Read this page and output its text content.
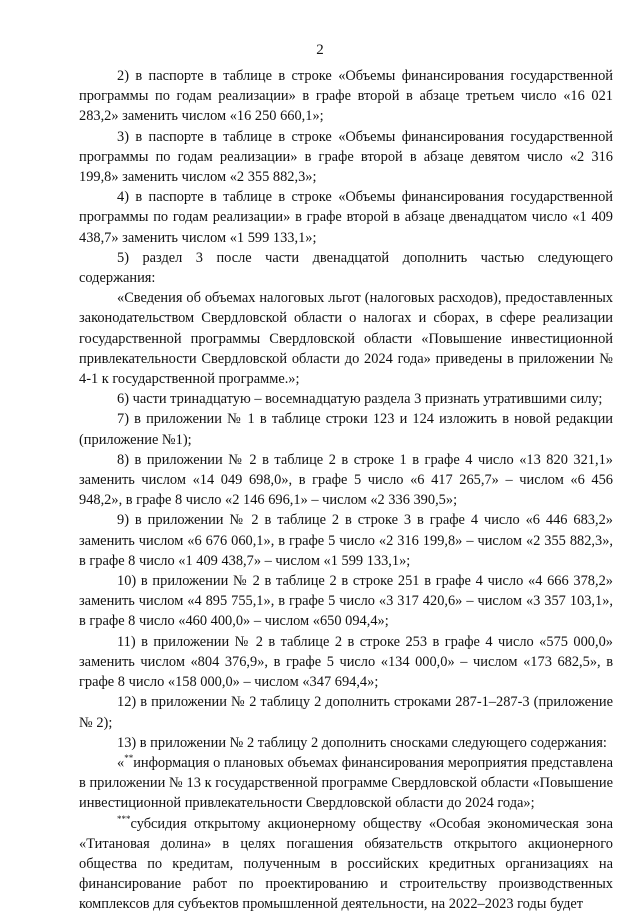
2

2) в паспорте в таблице в строке «Объемы финансирования государственной программы по годам реализации» в графе второй в абзаце третьем число «16 021 283,2» заменить числом «16 250 660,1»;

3) в паспорте в таблице в строке «Объемы финансирования государственной программы по годам реализации» в графе второй в абзаце девятом число «2 316 199,8» заменить числом «2 355 882,3»;

4) в паспорте в таблице в строке «Объемы финансирования государственной программы по годам реализации» в графе второй в абзаце двенадцатом число «1 409 438,7» заменить числом «1 599 133,1»;

5) раздел 3 после части двенадцатой дополнить частью следующего содержания:

«Сведения об объемах налоговых льгот (налоговых расходов), предоставленных законодательством Свердловской области о налогах и сборах, в сфере реализации государственной программы Свердловской области «Повышение инвестиционной привлекательности Свердловской области до 2024 года» приведены в приложении № 4-1 к государственной программе.»;

6) части тринадцатую – восемнадцатую раздела 3 признать утратившими силу;

7) в приложении № 1 в таблице строки 123 и 124 изложить в новой редакции (приложение №1);

8) в приложении № 2 в таблице 2 в строке 1 в графе 4 число «13 820 321,1» заменить числом «14 049 698,0», в графе 5 число «6 417 265,7» – числом «6 456 948,2», в графе 8 число «2 146 696,1» – числом «2 336 390,5»;

9) в приложении № 2 в таблице 2 в строке 3 в графе 4 число «6 446 683,2» заменить числом «6 676 060,1», в графе 5 число «2 316 199,8» – числом «2 355 882,3», в графе 8 число «1 409 438,7» – числом «1 599 133,1»;

10) в приложении № 2 в таблице 2 в строке 251 в графе 4 число «4 666 378,2» заменить числом «4 895 755,1», в графе 5 число «3 317 420,6» – числом «3 357 103,1», в графе 8 число «460 400,0» – числом «650 094,4»;

11) в приложении № 2 в таблице 2 в строке 253 в графе 4 число «575 000,0» заменить числом «804 376,9», в графе 5 число «134 000,0» – числом «173 682,5», в графе 8 число «158 000,0» – числом «347 694,4»;

12) в приложении № 2 таблицу 2 дополнить строками 287-1–287-3 (приложение № 2);

13) в приложении № 2 таблицу 2 дополнить сносками следующего содержания:

«**информация о плановых объемах финансирования мероприятия представлена в приложении № 13 к государственной программе Свердловской области «Повышение инвестиционной привлекательности Свердловской области до 2024 года»;

***субсидия открытому акционерному обществу «Особая экономическая зона «Титановая долина» в целях погашения обязательств открытого акционерного общества по кредитам, полученным в российских кредитных организациях на финансирование работ по проектированию и строительству производственных комплексов для субъектов промышленной деятельности, на 2022–2023 годы будет
